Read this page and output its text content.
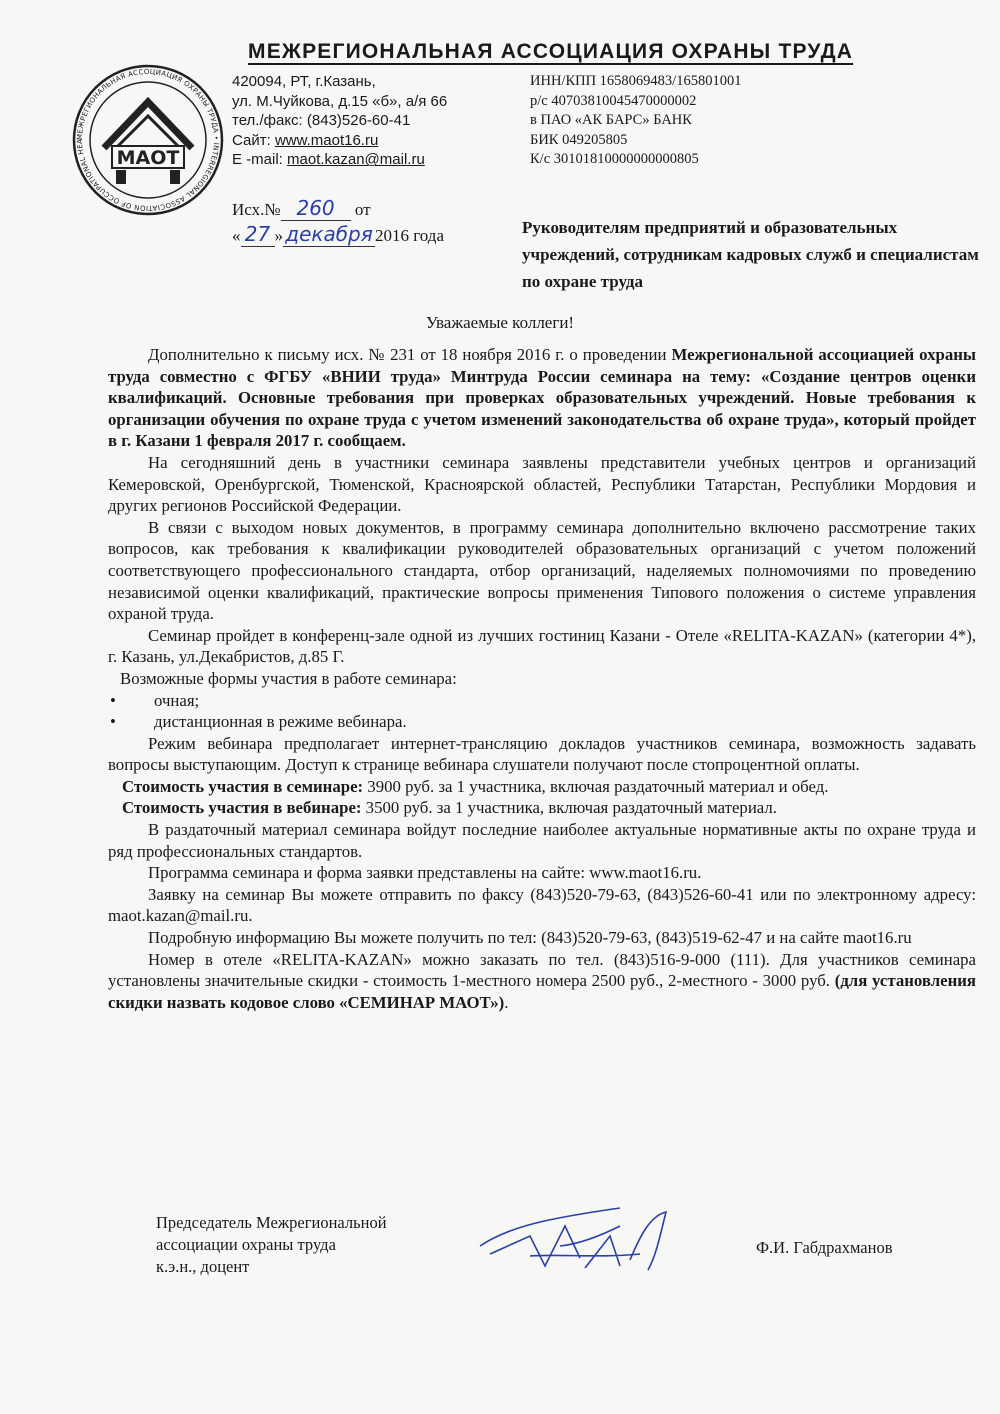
МЕЖРЕГИОНАЛЬНАЯ АССОЦИАЦИЯ ОХРАНЫ ТРУДА • INTERREGIONAL ASSOCIATION OF OCCUPATIONAL HEA
МАОТ
МЕЖРЕГИОНАЛЬНАЯ АССОЦИАЦИЯ ОХРАНЫ ТРУДА
420094, РТ, г.Казань,
ул. М.Чуйкова, д.15 «б», а/я 66
тел./факс: (843)526-60-41
Сайт: www.maot16.ru
E -mail: maot.kazan@mail.ru
ИНН/КПП 1658069483/165801001
р/с 40703810045470000002
в ПАО «АК БАРС» БАНК
БИК 049205805
К/с 30101810000000000805
Исх.№ 260 от
« 27 » декабря 2016 года	Руководителям предприятий и образовательных учреждений, сотрудникам кадровых служб и специалистам по охране труда
Уважаемые коллеги!

Дополнительно к письму исх. № 231 от 18 ноября 2016 г. о проведении Межрегиональной ассоциацией охраны труда совместно с ФГБУ «ВНИИ труда» Минтруда России семинара на тему: «Создание центров оценки квалификаций. Основные требования при проверках образовательных учреждений. Новые требования к организации обучения по охране труда с учетом изменений законодательства об охране труда», который пройдет в г. Казани 1 февраля 2017 г. сообщаем.

На сегодняшний день в участники семинара заявлены представители учебных центров и организаций Кемеровской, Оренбургской, Тюменской, Красноярской областей, Республики Татарстан, Республики Мордовия и других регионов Российской Федерации.

В связи с выходом новых документов, в программу семинара дополнительно включено рассмотрение таких вопросов, как требования к квалификации руководителей образовательных организаций с учетом положений соответствующего профессионального стандарта, отбор организаций, наделяемых полномочиями по проведению независимой оценки квалификаций, практические вопросы применения Типового положения о системе управления охраной труда.

Семинар пройдет в конференц-зале одной из лучших гостиниц Казани - Отеле «RELITA-KAZAN» (категории 4*), г. Казань, ул.Декабристов, д.85 Г.

Возможные формы участия в работе семинара:

• очная;
• дистанционная в режиме вебинара.

Режим вебинара предполагает интернет-трансляцию докладов участников семинара, возможность задавать вопросы выступающим. Доступ к странице вебинара слушатели получают после стопроцентной оплаты.

Стоимость участия в семинаре: 3900 руб. за 1 участника, включая раздаточный материал и обед.

Стоимость участия в вебинаре: 3500 руб. за 1 участника, включая раздаточный материал.

В раздаточный материал семинара войдут последние наиболее актуальные нормативные акты по охране труда и ряд профессиональных стандартов.

Программа семинара и форма заявки представлены на сайте: www.maot16.ru.

Заявку на семинар Вы можете отправить по факсу (843)520-79-63, (843)526-60-41 или по электронному адресу: maot.kazan@mail.ru.

Подробную информацию Вы можете получить по тел: (843)520-79-63, (843)519-62-47 и на сайте maot16.ru

Номер в отеле «RELITA-KAZAN» можно заказать по тел. (843)516-9-000 (111). Для участников семинара установлены значительные скидки - стоимость 1-местного номера 2500 руб., 2-местного - 3000 руб. (для установления скидки назвать кодовое слово «СЕМИНАР МАОТ»).

Председатель Межрегиональной
ассоциации охраны труда
к.э.н., доцент
Ф.И. Габдрахманов
